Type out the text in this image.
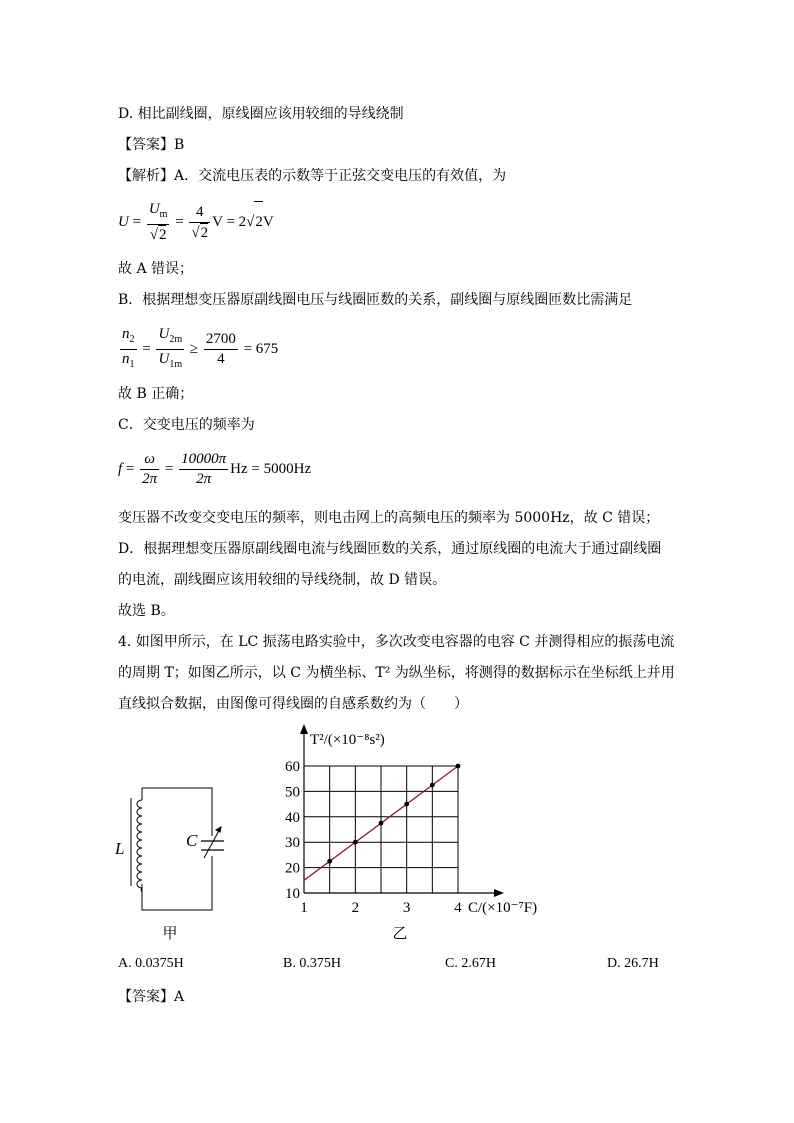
D. 相比副线圈，原线圈应该用较细的导线绕制
【答案】B
【解析】A．交流电压表的示数等于正弦交变电压的有效值，为
$U = \frac{U_m}{√2} = \frac{4}{√2}$ V = 2√2V
故 A 错误；
B．根据理想变压器原副线圈电压与线圈匝数的关系，副线圈与原线圈匝数比需满足
$\frac{n_2}{n_1} = \frac{U_{2m}}{U_{1m}} \ge \frac{2700}{4} = 675$
故 B 正确；
C．交变电压的频率为
$f = \frac{\omega}{2\pi} = \frac{10000\pi}{2\pi}$ Hz = 5000Hz
变压器不改变交变电压的频率，则电击网上的高频电压的频率为 5000Hz，故 C 错误；
D．根据理想变压器原副线圈电流与线圈匝数的关系，通过原线圈的电流大于通过副线圈
的电流，副线圈应该用较细的导线绕制，故 D 错误。
故选 B。
4. 如图甲所示，在 LC 振荡电路实验中，多次改变电容器的电容 C 并测得相应的振荡电流
的周期 T；如图乙所示，以 C 为横坐标、T² 为纵坐标，将测得的数据标示在坐标纸上并用
直线拟合数据，由图像可得线圈的自感系数约为（　　）
L	C
甲
1	2	3	4
10
20
30
40
50
60
T²/(×10⁻⁸s²)
C/(×10⁻⁷F)
乙
A. 0.0375H	B. 0.375H	C. 2.67H	D. 26.7H
【答案】A
